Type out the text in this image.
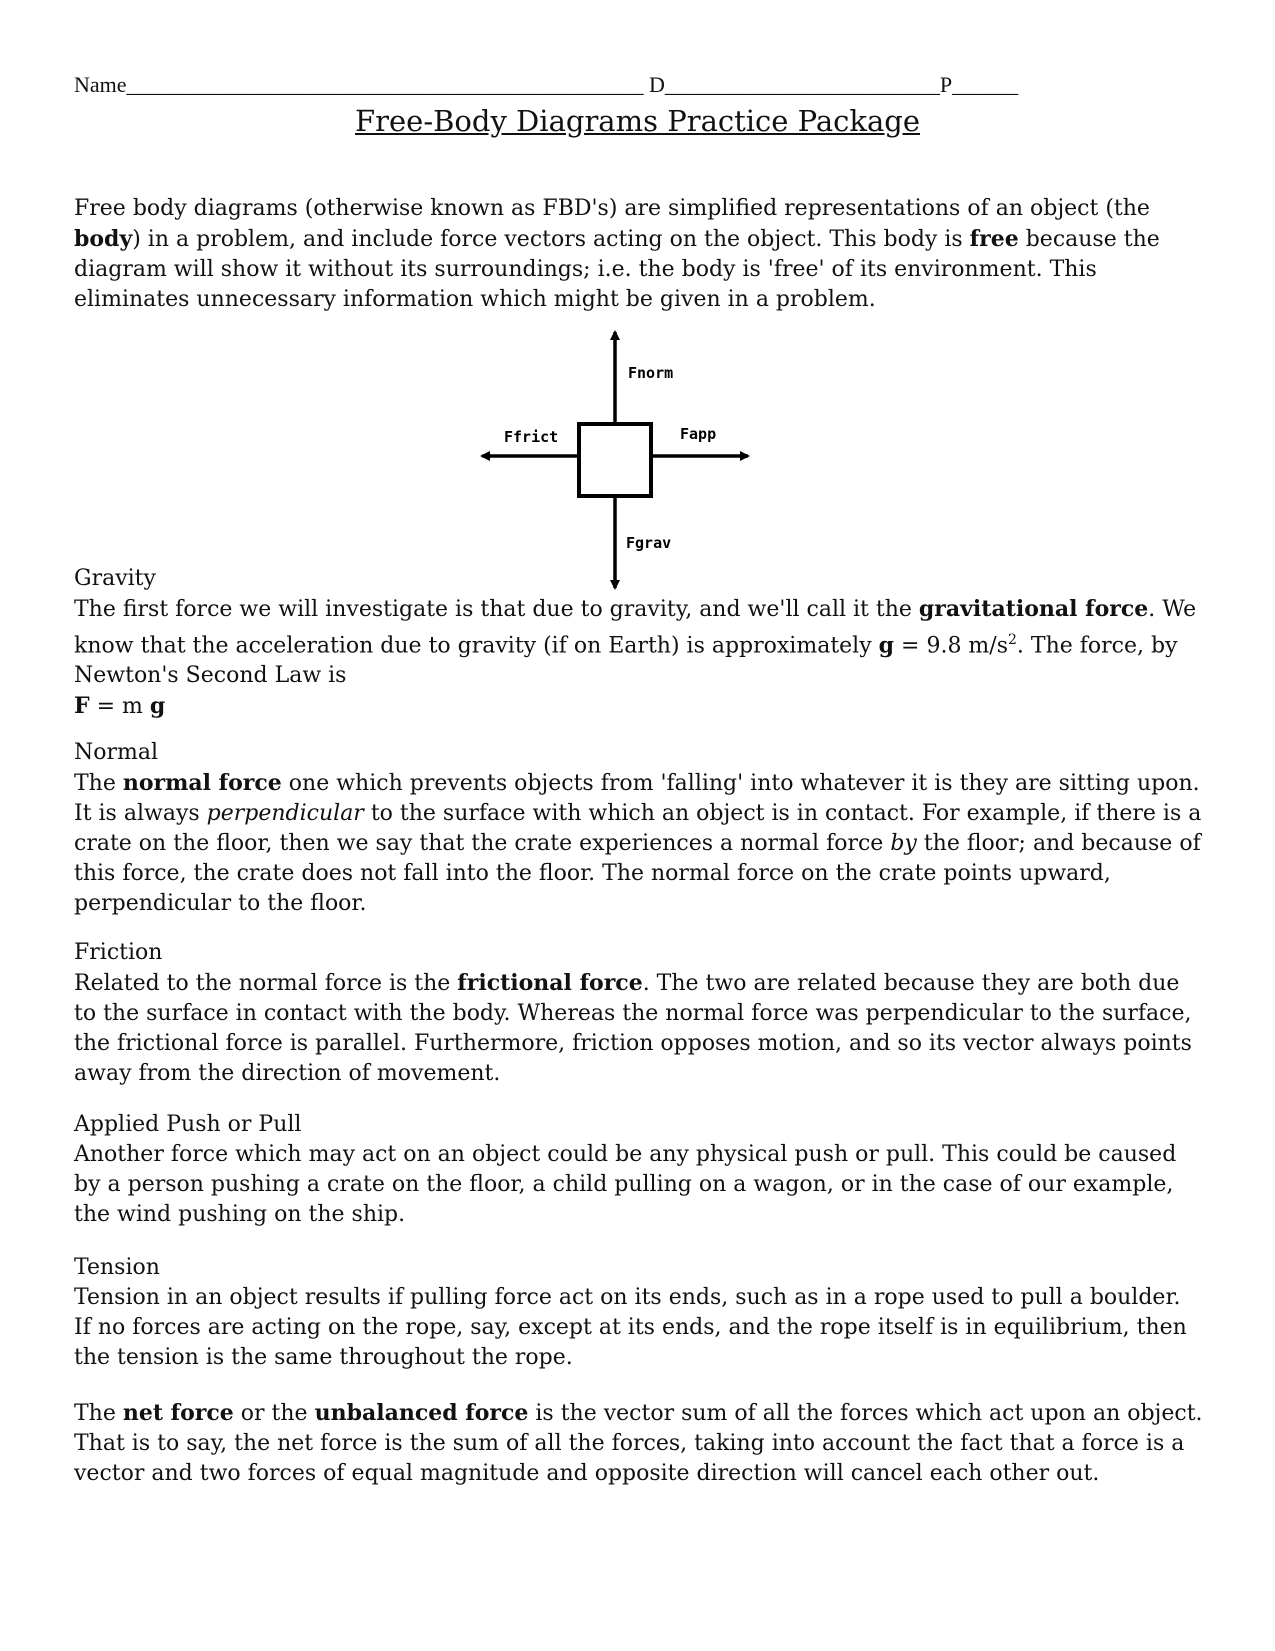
Name_______________________________________________ D_________________________P______
Free-Body Diagrams Practice Package
Free body diagrams (otherwise known as FBD's) are simplified representations of an object (the body) in a problem, and include force vectors acting on the object. This body is free because the diagram will show it without its surroundings; i.e. the body is 'free' of its environment. This eliminates unnecessary information which might be given in a problem.
Fnorm
Ffrict	Fapp
Fgrav
Gravity
The first force we will investigate is that due to gravity, and we'll call it the gravitational force. We know that the acceleration due to gravity (if on Earth) is approximately g = 9.8 $m/s^2$. The force, by Newton's Second Law is
F = m g
Normal
The normal force one which prevents objects from 'falling' into whatever it is they are sitting upon. It is always perpendicular to the surface with which an object is in contact. For example, if there is a crate on the floor, then we say that the crate experiences a normal force by the floor; and because of this force, the crate does not fall into the floor. The normal force on the crate points upward, perpendicular to the floor.
Friction
Related to the normal force is the frictional force. The two are related because they are both due to the surface in contact with the body. Whereas the normal force was perpendicular to the surface, the frictional force is parallel. Furthermore, friction opposes motion, and so its vector always points away from the direction of movement.
Applied Push or Pull
Another force which may act on an object could be any physical push or pull. This could be caused by a person pushing a crate on the floor, a child pulling on a wagon, or in the case of our example, the wind pushing on the ship.
Tension
Tension in an object results if pulling force act on its ends, such as in a rope used to pull a boulder. If no forces are acting on the rope, say, except at its ends, and the rope itself is in equilibrium, then the tension is the same throughout the rope.
The net force or the unbalanced force is the vector sum of all the forces which act upon an object. That is to say, the net force is the sum of all the forces, taking into account the fact that a force is a vector and two forces of equal magnitude and opposite direction will cancel each other out.
